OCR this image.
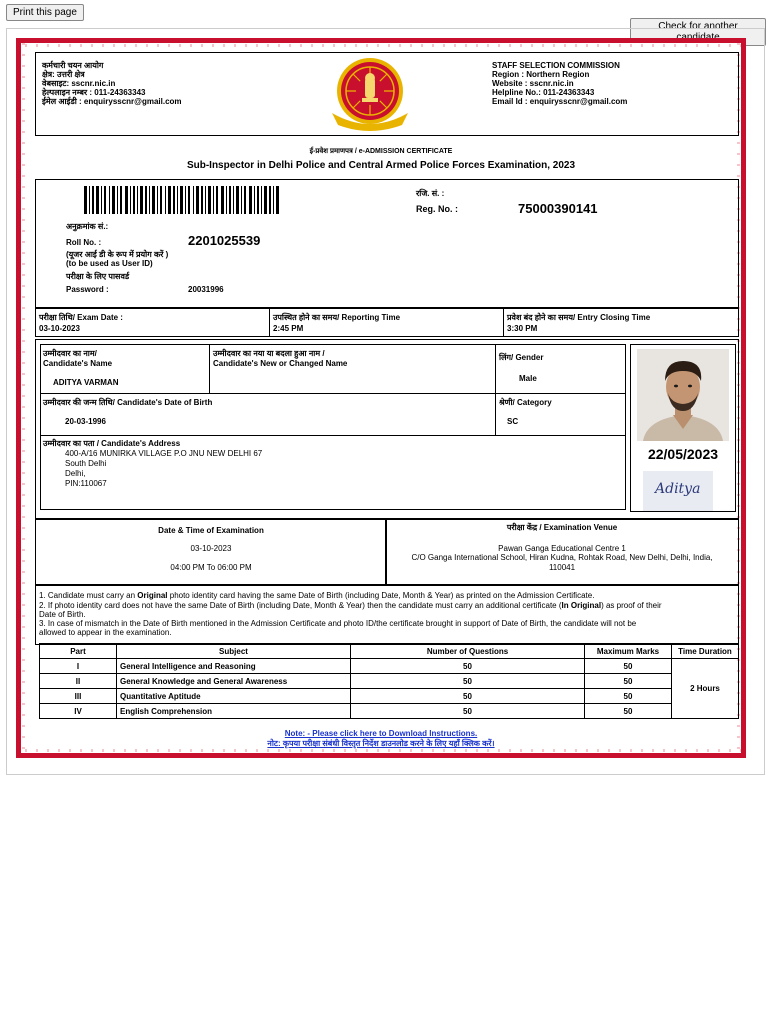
Print this page
Check for another
कर्मचारी चयन आयोग
क्षेत्र: उत्तरी क्षेत्र
वेबसाइट: sscnr.nic.in
हेल्पलाइन नम्बर : 011-24363343
ईमेल आईडी : enquiryssсnr@gmail.com
STAFF SELECTION COMMISSION
Region : Northern Region
Website : sscnr.nic.in
Helpline No.: 011-24363343
Email Id : enquiryssсnr@gmail.com
ई-प्रवेश प्रमाणपत्र / e-ADMISSION CERTIFICATE
Sub-Inspector in Delhi Police and Central Armed Police Forces Examination, 2023
अनुक्रमांक सं.:
Roll No. :	2201025539
(यूजर आई डी के रूप में प्रयोग करें )
(to be used as User ID)
परीक्षा के लिए पासवर्ड
Password :	20031996
रजि. सं. :
Reg. No. :	75000390141
परीक्षा तिथि/ Exam Date :
03-10-2023
उपस्थित होने का समय/ Reporting Time
2:45 PM
प्रवेश बंद होने का समय/ Entry Closing Time
3:30 PM
उम्मीदवार का नाम/
Candidate's Name
ADITYA VARMAN
उम्मीदवार का नया या बदला हुआ नाम /
Candidate's New or Changed Name
लिंग/ Gender
Male
उम्मीदवार की जन्म तिथि/ Candidate's Date of Birth
20-03-1996
श्रेणी/ Category
SC
उम्मीदवार का पता / Candidate's Address
400-A/16 MUNIRKA VILLAGE P.O JNU NEW DELHI 67
South Delhi
Delhi,
PIN:110067
22/05/2023
Aditya
Date & Time of Examination
03-10-2023
04:00 PM To 06:00 PM
परीक्षा केंद्र / Examination Venue
Pawan Ganga Educational Centre 1
C/O Ganga International School, Hiran Kudna, Rohtak Road, New Delhi, Delhi, India,
110041
1. Candidate must carry an Original photo identity card having the same Date of Birth (including Date, Month & Year) as printed on the Admission Certificate.
2. If photo identity card does not have the same Date of Birth (including Date, Month & Year) then the candidate must carry an additional certificate (In Original) as proof of their
Date of Birth.
3. In case of mismatch in the Date of Birth mentioned in the Admission Certificate and photo ID/the certificate brought in support of Date of Birth, the candidate will not be
allowed to appear in the examination.
Part	Subject	Number of Questions	Maximum Marks	Time Duration
I	General Intelligence and Reasoning	50	50	2 Hours
II	General Knowledge and General Awareness	50	50	
III	Quantitative Aptitude	50	50	
IV	English Comprehension	50	50	
Note: - Please click here to Download Instructions.
नोट: कृपया परीक्षा संबंधी विस्तृत निर्देश डाउनलोड करने के लिए यहाँ क्लिक करें।
